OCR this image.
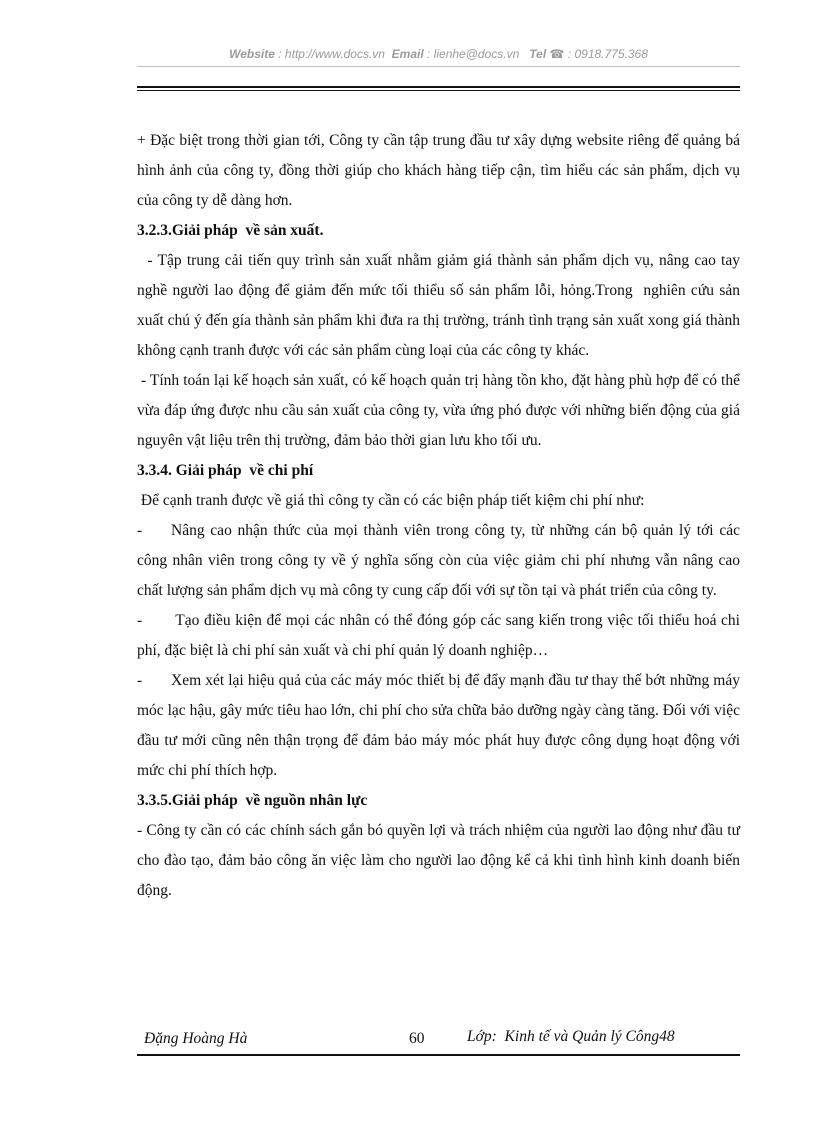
Website : http://www.docs.vn Email : lienhe@docs.vn Tel ☎ : 0918.775.368

+ Đặc biệt trong thời gian tới, Công ty cần tập trung đầu tư xây dựng website riêng để quảng bá hình ảnh của công ty, đồng thời giúp cho khách hàng tiếp cận, tìm hiểu các sản phẩm, dịch vụ của công ty dễ dàng hơn.

3.2.3.Giải pháp  về sản xuất.

- Tập trung cải tiến quy trình sản xuất nhằm giảm giá thành sản phẩm dịch vụ, nâng cao tay nghề người lao động để giảm đến mức tối thiểu số sản phẩm lỗi, hỏng.Trong  nghiên cứu sản xuất chú ý đến gía thành sản phẩm khi đưa ra thị trường, tránh tình trạng sản xuất xong giá thành không cạnh tranh được với các sản phẩm cùng loại của các công ty khác.

- Tính toán lại kế hoạch sản xuất, có kế hoạch quản trị hàng tồn kho, đặt hàng phù hợp để có thể vừa đáp ứng được nhu cầu sản xuất của công ty, vừa ứng phó được với những biến động của giá nguyên vật liệu trên thị trường, đảm bảo thời gian lưu kho tối ưu.

3.3.4. Giải pháp  về chi phí

Để cạnh tranh được về giá thì công ty cần có các biện pháp tiết kiệm chi phí như:

- Nâng cao nhận thức của mọi thành viên trong công ty, từ những cán bộ quản lý tới các công nhân viên trong công ty về ý nghĩa sống còn của việc giảm chi phí nhưng vẫn nâng cao chất lượng sản phẩm dịch vụ mà công ty cung cấp đối với sự tồn tại và phát triển của công ty.

- Tạo điều kiện để mọi các nhân có thể đóng góp các sang kiến trong việc tối thiểu hoá chi phí, đặc biệt là chi phí sản xuất và chi phí quản lý doanh nghiệp…

- Xem xét lại hiệu quả của các máy móc thiết bị để đẩy mạnh đầu tư thay thế bớt những máy móc lạc hậu, gây mức tiêu hao lớn, chi phí cho sửa chữa bảo dưỡng ngày càng tăng. Đối với việc đầu tư mới cũng nên thận trọng để đảm bảo máy móc phát huy được công dụng hoạt động với mức chi phí thích hợp.

3.3.5.Giải pháp  về nguồn nhân lực

- Công ty cần có các chính sách gắn bó quyền lợi và trách nhiệm của người lao động như đầu tư cho đào tạo, đảm bảo công ăn việc làm cho người lao động kể cả khi tình hình kinh doanh biến động.

Đặng Hoàng Hà	60	Lớp:  Kinh tế và Quản lý Công48
